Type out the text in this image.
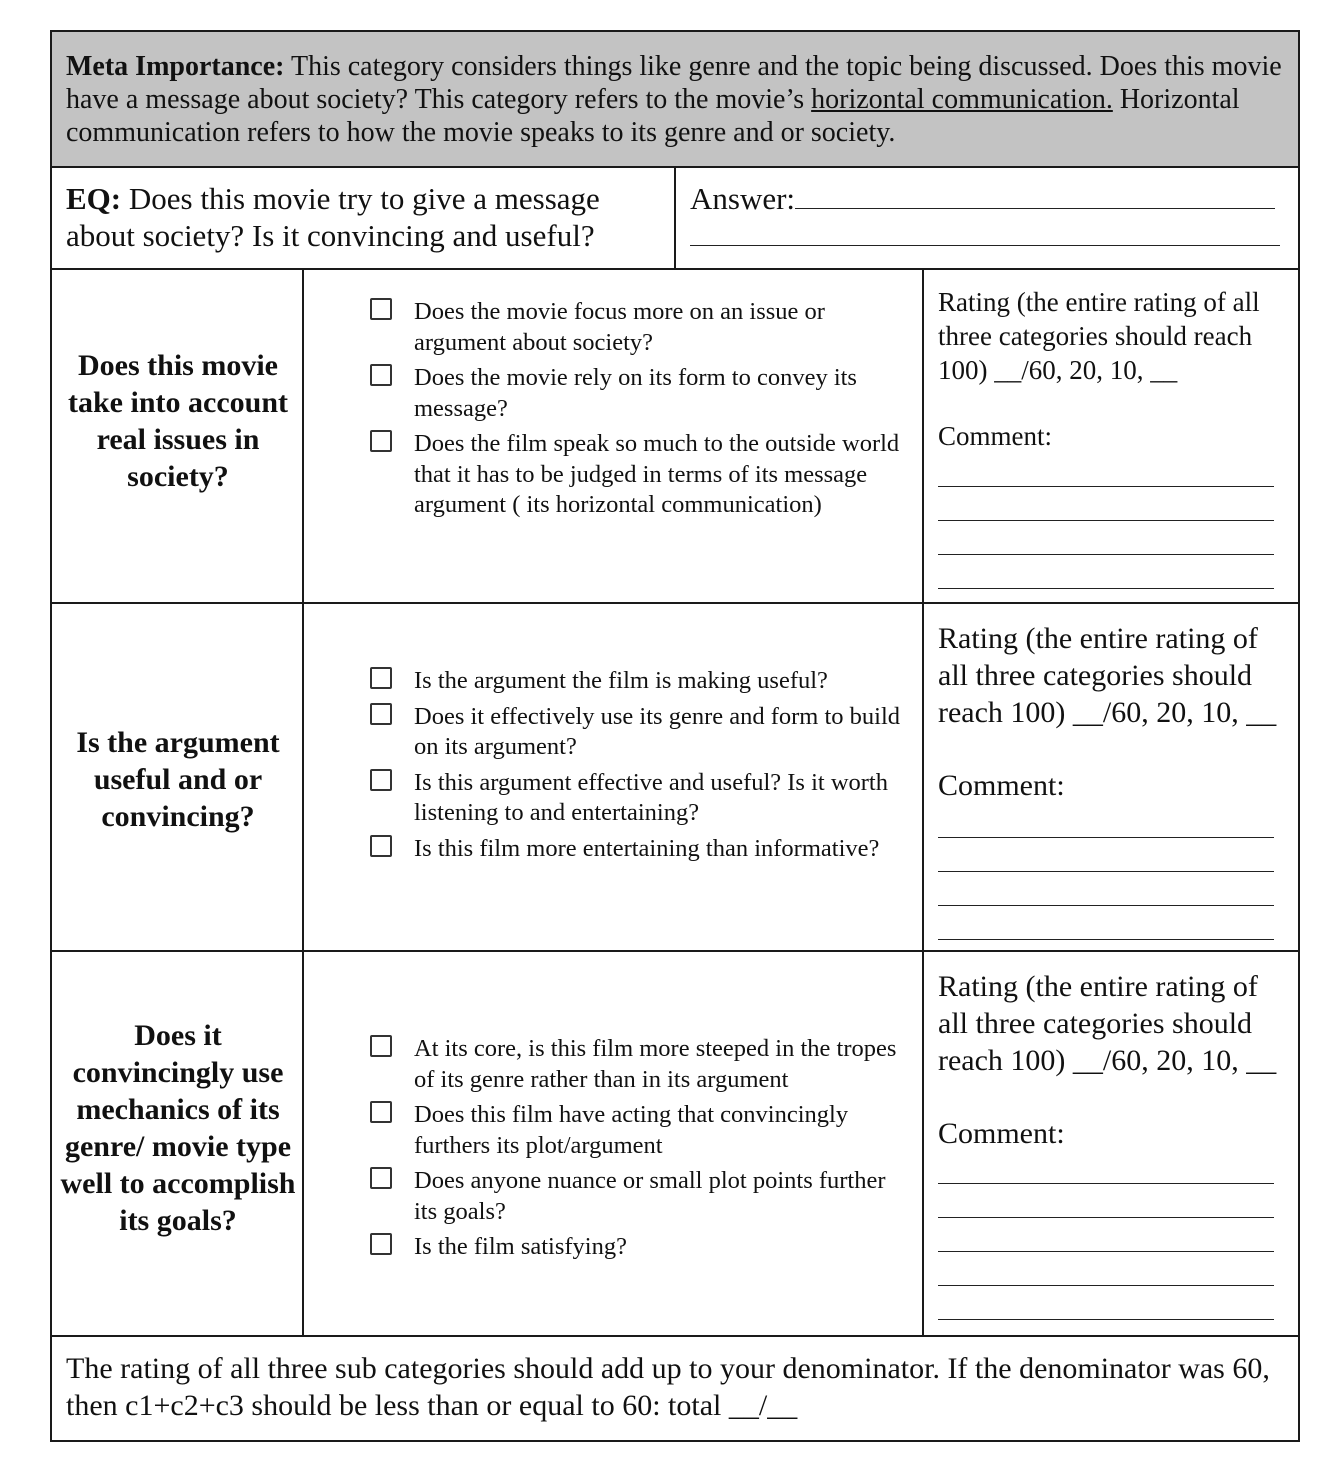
Meta Importance: This category considers things like genre and the topic being discussed. Does this movie have a message about society? This category refers to the movie’s horizontal communication. Horizontal communication refers to how the movie speaks to its genre and or society.
EQ: Does this movie try to give a message about society? Is it convincing and useful?
Answer:

Does this movie take into account real issues in society?
Does the movie focus more on an issue or argument about society?
Does the movie rely on its form to convey its message?
Does the film speak so much to the outside world that it has to be judged in terms of its message argument ( its horizontal communication)
Rating (the entire rating of all three categories should reach 100) __/60, 20, 10, __
Comment:
Is the argument useful and or convincing?
Is the argument the film is making useful?
Does it effectively use its genre and form to build on its argument?
Is this argument effective and useful? Is it worth listening to and entertaining?
Is this film more entertaining than informative?
Rating (the entire rating of all three categories should reach 100) __/60, 20, 10, __
Comment:
Does it convincingly use mechanics of its genre/ movie type well to accomplish its goals?
At its core, is this film more steeped in the tropes of its genre rather than in its argument
Does this film have acting that convincingly furthers its plot/argument
Does anyone nuance or small plot points further its goals?
Is the film satisfying?
Rating (the entire rating of all three categories should reach 100) __/60, 20, 10, __
Comment:
The rating of all three sub categories should add up to your denominator. If the denominator was 60, then c1+c2+c3 should be less than or equal to 60: total __/__
